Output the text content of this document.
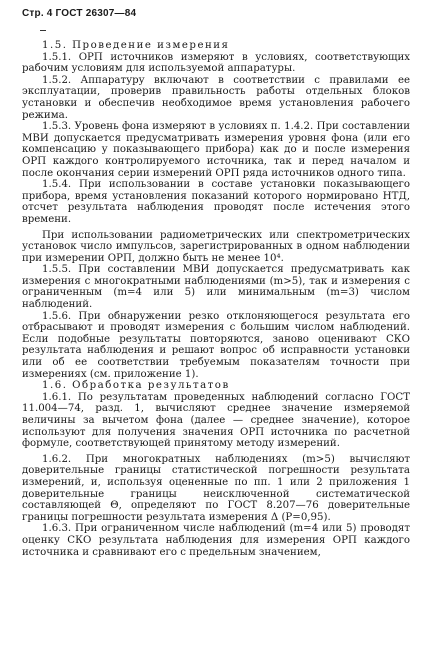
Стр. 4 ГОСТ 26307—84

1.5. Проведение измерения

1.5.1. ОРП источников измеряют в условиях, соответствующих рабочим условиям для используемой аппаратуры.

1.5.2. Аппаратуру включают в соответствии с правилами ее эксплуатации, проверив правильность работы отдельных блоков установки и обеспечив необходимое время установления рабочего режима.

1.5.3. Уровень фона измеряют в условиях п. 1.4.2. При составлении МВИ допускается предусматривать измерения уровня фона (или его компенсацию у показывающего прибора) как до и после измерения ОРП каждого контролируемого источника, так и перед началом и после окончания серии измерений ОРП ряда источников одного типа.

1.5.4. При использовании в составе установки показывающего прибора, время установления показаний которого нормировано НТД, отсчет результата наблюдения проводят после истечения этого времени.

При использовании радиометрических или спектрометрических установок число импульсов, зарегистрированных в одном наблюдении при измерении ОРП, должно быть не менее 10⁴.

1.5.5. При составлении МВИ допускается предусматривать как измерения с многократными наблюдениями (m>5), так и измерения с ограниченным (m=4 или 5) или минимальным (m=3) числом наблюдений.

1.5.6. При обнаружении резко отклоняющегося результата его отбрасывают и проводят измерения с большим числом наблюдений. Если подобные результаты повторяются, заново оценивают СКО результата наблюдения и решают вопрос об исправности установки или об ее соответствии требуемым показателям точности при измерениях (см. приложение 1).

1.6. Обработка результатов

1.6.1. По результатам проведенных наблюдений согласно ГОСТ 11.004—74, разд. 1, вычисляют среднее значение измеряемой величины за вычетом фона (далее — среднее значение), которое используют для получения значения ОРП источника по расчетной формуле, соответствующей принятому методу измерений.

1.6.2. При многократных наблюдениях (m>5) вычисляют доверительные границы статистической погрешности результата измерений, и, используя оцененные по пп. 1 или 2 приложения 1 доверительные границы неисключенной систематической составляющей Θ, определяют по ГОСТ 8.207—76 доверительные границы погрешности результата измерения Δ (P=0,95).

1.6.3. При ограниченном числе наблюдений (m=4 или 5) проводят оценку СКО результата наблюдения для измерения ОРП каждого источника и сравнивают его с предельным значением,
